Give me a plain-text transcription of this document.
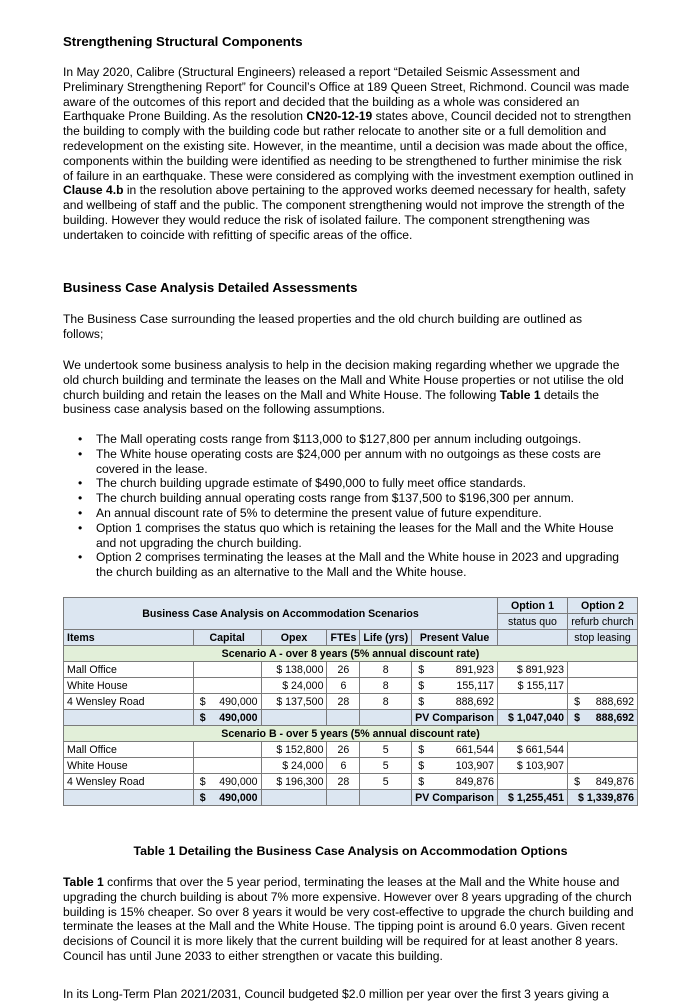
Strengthening Structural Components

In May 2020, Calibre (Structural Engineers) released a report “Detailed Seismic Assessment and Preliminary Strengthening Report” for Council’s Office at 189 Queen Street, Richmond. Council was made aware of the outcomes of this report and decided that the building as a whole was considered an Earthquake Prone Building. As the resolution CN20-12-19 states above, Council decided not to strengthen the building to comply with the building code but rather relocate to another site or a full demolition and redevelopment on the existing site. However, in the meantime, until a decision was made about the office, components within the building were identified as needing to be strengthened to further minimise the risk of failure in an earthquake. These were considered as complying with the investment exemption outlined in Clause 4.b in the resolution above pertaining to the approved works deemed necessary for health, safety and wellbeing of staff and the public. The component strengthening would not improve the strength of the building. However they would reduce the risk of isolated failure. The component strengthening was undertaken to coincide with refitting of specific areas of the office.

Business Case Analysis Detailed Assessments

The Business Case surrounding the leased properties and the old church building are outlined as follows;

We undertook some business analysis to help in the decision making regarding whether we upgrade the old church building and terminate the leases on the Mall and White House properties or not utilise the old church building and retain the leases on the Mall and White House. The following Table 1 details the business case analysis based on the following assumptions.

• The Mall operating costs range from $113,000 to $127,800 per annum including outgoings.
• The White house operating costs are $24,000 per annum with no outgoings as these costs are covered in the lease.
• The church building upgrade estimate of $490,000 to fully meet office standards.
• The church building annual operating costs range from $137,500 to $196,300 per annum.
• An annual discount rate of 5% to determine the present value of future expenditure.
• Option 1 comprises the status quo which is retaining the leases for the Mall and the White House and not upgrading the church building.
• Option 2 comprises terminating the leases at the Mall and the White house in 2023 and upgrading the church building as an alternative to the Mall and the White house.
Business Case Analysis on Accommodation Scenarios						Option 1	Option 2
						status quo	refurb church
Items	Capital	Opex	FTEs	Life (yrs)	Present Value		stop leasing
Scenario A - over 8 years (5% annual discount rate)							
Mall Office		$ 138,000	26	8	$ 891,923	$ 891,923	
White House		$ 24,000	6	8	$ 155,117	$ 155,117	
4 Wensley Road	$ 490,000	$ 137,500	28	8	$ 888,692		$ 888,692

	$ 490,000				PV Comparison	$ 1,047,040	$ 888,692
Scenario B - over 5 years (5% annual discount rate)							
Mall Office		$ 152,800	26	5	$ 661,544	$ 661,544	
White House		$ 24,000	6	5	$ 103,907	$ 103,907	
4 Wensley Road	$ 490,000	$ 196,300	28	5	$ 849,876		$ 849,876

	$ 490,000				PV Comparison	$ 1,255,451	$ 1,339,876
Table 1 Detailing the Business Case Analysis on Accommodation Options

Table 1 confirms that over the 5 year period, terminating the leases at the Mall and the White house and upgrading the church building is about 7% more expensive. However over 8 years upgrading of the church building is 15% cheaper. So over 8 years it would be very cost-effective to upgrade the church building and terminate the leases at the Mall and the White House. The tipping point is around 6.0 years. Given recent decisions of Council it is more likely that the current building will be required for at least another 8 years. Council has until June 2033 to either strengthen or vacate this building.

In its Long-Term Plan 2021/2031, Council budgeted $2.0 million per year over the first 3 years giving a
